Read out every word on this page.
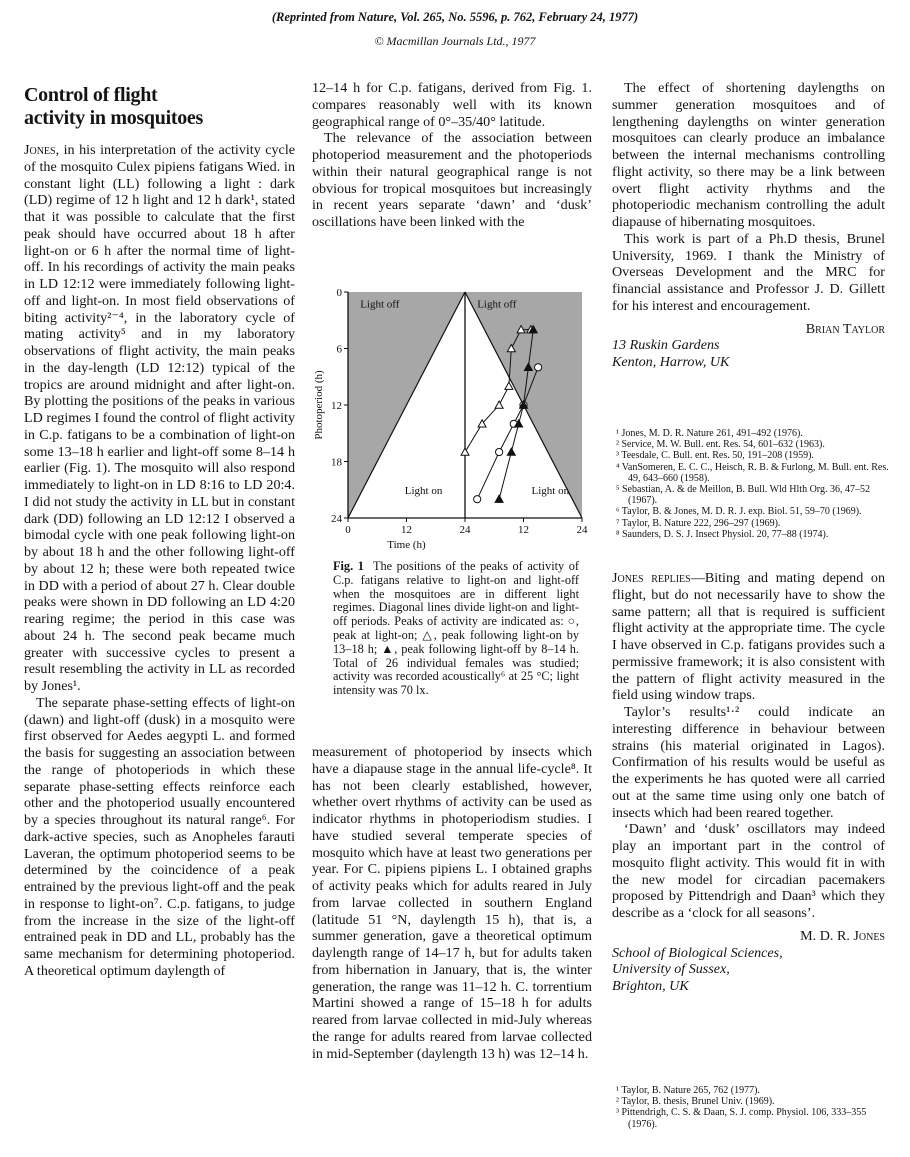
(Reprinted from Nature, Vol. 265, No. 5596, p. 762, February 24, 1977)
© Macmillan Journals Ltd., 1977
Control of flight
activity in mosquitoes

Jones, in his interpretation of the activity cycle of the mosquito Culex pipiens fatigans Wied. in constant light (LL) following a light : dark (LD) regime of 12 h light and 12 h dark¹, stated that it was possible to calculate that the first peak should have occurred about 18 h after light-on or 6 h after the normal time of light-off. In his recordings of activity the main peaks in LD 12:12 were immediately following light-off and light-on. In most field observations of biting activity²⁻⁴, in the laboratory cycle of mating activity⁵ and in my laboratory observations of flight activity, the main peaks in the day-length (LD 12:12) typical of the tropics are around midnight and after light-on. By plotting the positions of the peaks in various LD regimes I found the control of flight activity in C.p. fatigans to be a combination of light-on some 13–18 h earlier and light-off some 8–14 h earlier (Fig. 1). The mosquito will also respond immediately to light-on in LD 8:16 to LD 20:4. I did not study the activity in LL but in constant dark (DD) following an LD 12:12 I observed a bimodal cycle with one peak following light-on by about 18 h and the other following light-off by about 12 h; these were both repeated twice in DD with a period of about 27 h. Clear double peaks were shown in DD following an LD 4:20 rearing regime; the period in this case was about 24 h. The second peak became much greater with successive cycles to present a result resembling the activity in LL as recorded by Jones¹.

The separate phase-setting effects of light-on (dawn) and light-off (dusk) in a mosquito were first observed for Aedes aegypti L. and formed the basis for suggesting an association between the range of photoperiods in which these separate phase-setting effects reinforce each other and the photoperiod usually encountered by a species throughout its natural range⁶. For dark-active species, such as Anopheles farauti Laveran, the optimum photoperiod seems to be determined by the coincidence of a peak entrained by the previous light-off and the peak in response to light-on⁷. C.p. fatigans, to judge from the increase in the size of the light-off entrained peak in DD and LL, probably has the same mechanism for determining photoperiod. A theoretical optimum daylength of

12–14 h for C.p. fatigans, derived from Fig. 1. compares reasonably well with its known geographical range of 0°–35/40° latitude.

The relevance of the association between photoperiod measurement and the photoperiods within their natural geographical range is not obvious for tropical mosquitoes but increasingly in recent years separate ‘dawn’ and ‘dusk’ oscillations have been linked with the

Light off	Light off
Light on	Light on
0
6
12
18
24
0	12	24	12	24
Time (h)
Photoperiod (h)
Fig. 1 The positions of the peaks of activity of C.p. fatigans relative to light-on and light-off when the mosquitoes are in different light regimes. Diagonal lines divide light-on and light-off periods. Peaks of activity are indicated as: ○, peak at light-on; △, peak following light-on by 13–18 h; ▲, peak following light-off by 8–14 h. Total of 26 individual females was studied; activity was recorded acoustically⁶ at 25 °C; light intensity was 70 lx.

measurement of photoperiod by insects which have a diapause stage in the annual life-cycle⁸. It has not been clearly established, however, whether overt rhythms of activity can be used as indicator rhythms in photoperiodism studies. I have studied several temperate species of mosquito which have at least two generations per year. For C. pipiens pipiens L. I obtained graphs of activity peaks which for adults reared in July from larvae collected in southern England (latitude 51 °N, daylength 15 h), that is, a summer generation, gave a theoretical optimum daylength range of 14–17 h, but for adults taken from hibernation in January, that is, the winter generation, the range was 11–12 h. C. torrentium Martini showed a range of 15–18 h for adults reared from larvae collected in mid-July whereas the range for adults reared from larvae collected in mid-September (daylength 13 h) was 12–14 h.

The effect of shortening daylengths on summer generation mosquitoes and of lengthening daylengths on winter generation mosquitoes can clearly produce an imbalance between the internal mechanisms controlling flight activity, so there may be a link between overt flight activity rhythms and the photoperiodic mechanism controlling the adult diapause of hibernating mosquitoes.

This work is part of a Ph.D thesis, Brunel University, 1969. I thank the Ministry of Overseas Development and the MRC for financial assistance and Professor J. D. Gillett for his interest and encouragement.

Brian Taylor

13 Ruskin Gardens

Kenton, Harrow, UK

¹ Jones, M. D. R. Nature 261, 491–492 (1976).
² Service, M. W. Bull. ent. Res. 54, 601–632 (1963).
³ Teesdale, C. Bull. ent. Res. 50, 191–208 (1959).
⁴ VanSomeren, E. C. C., Heisch, R. B. & Furlong, M. Bull. ent. Res. 49, 643–660 (1958).
⁵ Sebastian, A. & de Meillon, B. Bull. Wld Hlth Org. 36, 47–52 (1967).
⁶ Taylor, B. & Jones, M. D. R. J. exp. Biol. 51, 59–70 (1969).
⁷ Taylor, B. Nature 222, 296–297 (1969).
⁸ Saunders, D. S. J. Insect Physiol. 20, 77–88 (1974).

Jones replies—Biting and mating depend on flight, but do not necessarily have to show the same pattern; all that is required is sufficient flight activity at the appropriate time. The cycle I have observed in C.p. fatigans provides such a permissive framework; it is also consistent with the pattern of flight activity measured in the field using window traps.

Taylor’s results¹·² could indicate an interesting difference in behaviour between strains (his material originated in Lagos). Confirmation of his results would be useful as the experiments he has quoted were all carried out at the same time using only one batch of insects which had been reared together.

‘Dawn’ and ‘dusk’ oscillators may indeed play an important part in the control of mosquito flight activity. This would fit in with the new model for circadian pacemakers proposed by Pittendrigh and Daan³ which they describe as a ‘clock for all seasons’.

M. D. R. Jones

School of Biological Sciences,

University of Sussex,

Brighton, UK

¹ Taylor, B. Nature 265, 762 (1977).
² Taylor, B. thesis, Brunel Univ. (1969).
³ Pittendrigh, C. S. & Daan, S. J. comp. Physiol. 106, 333–355 (1976).
